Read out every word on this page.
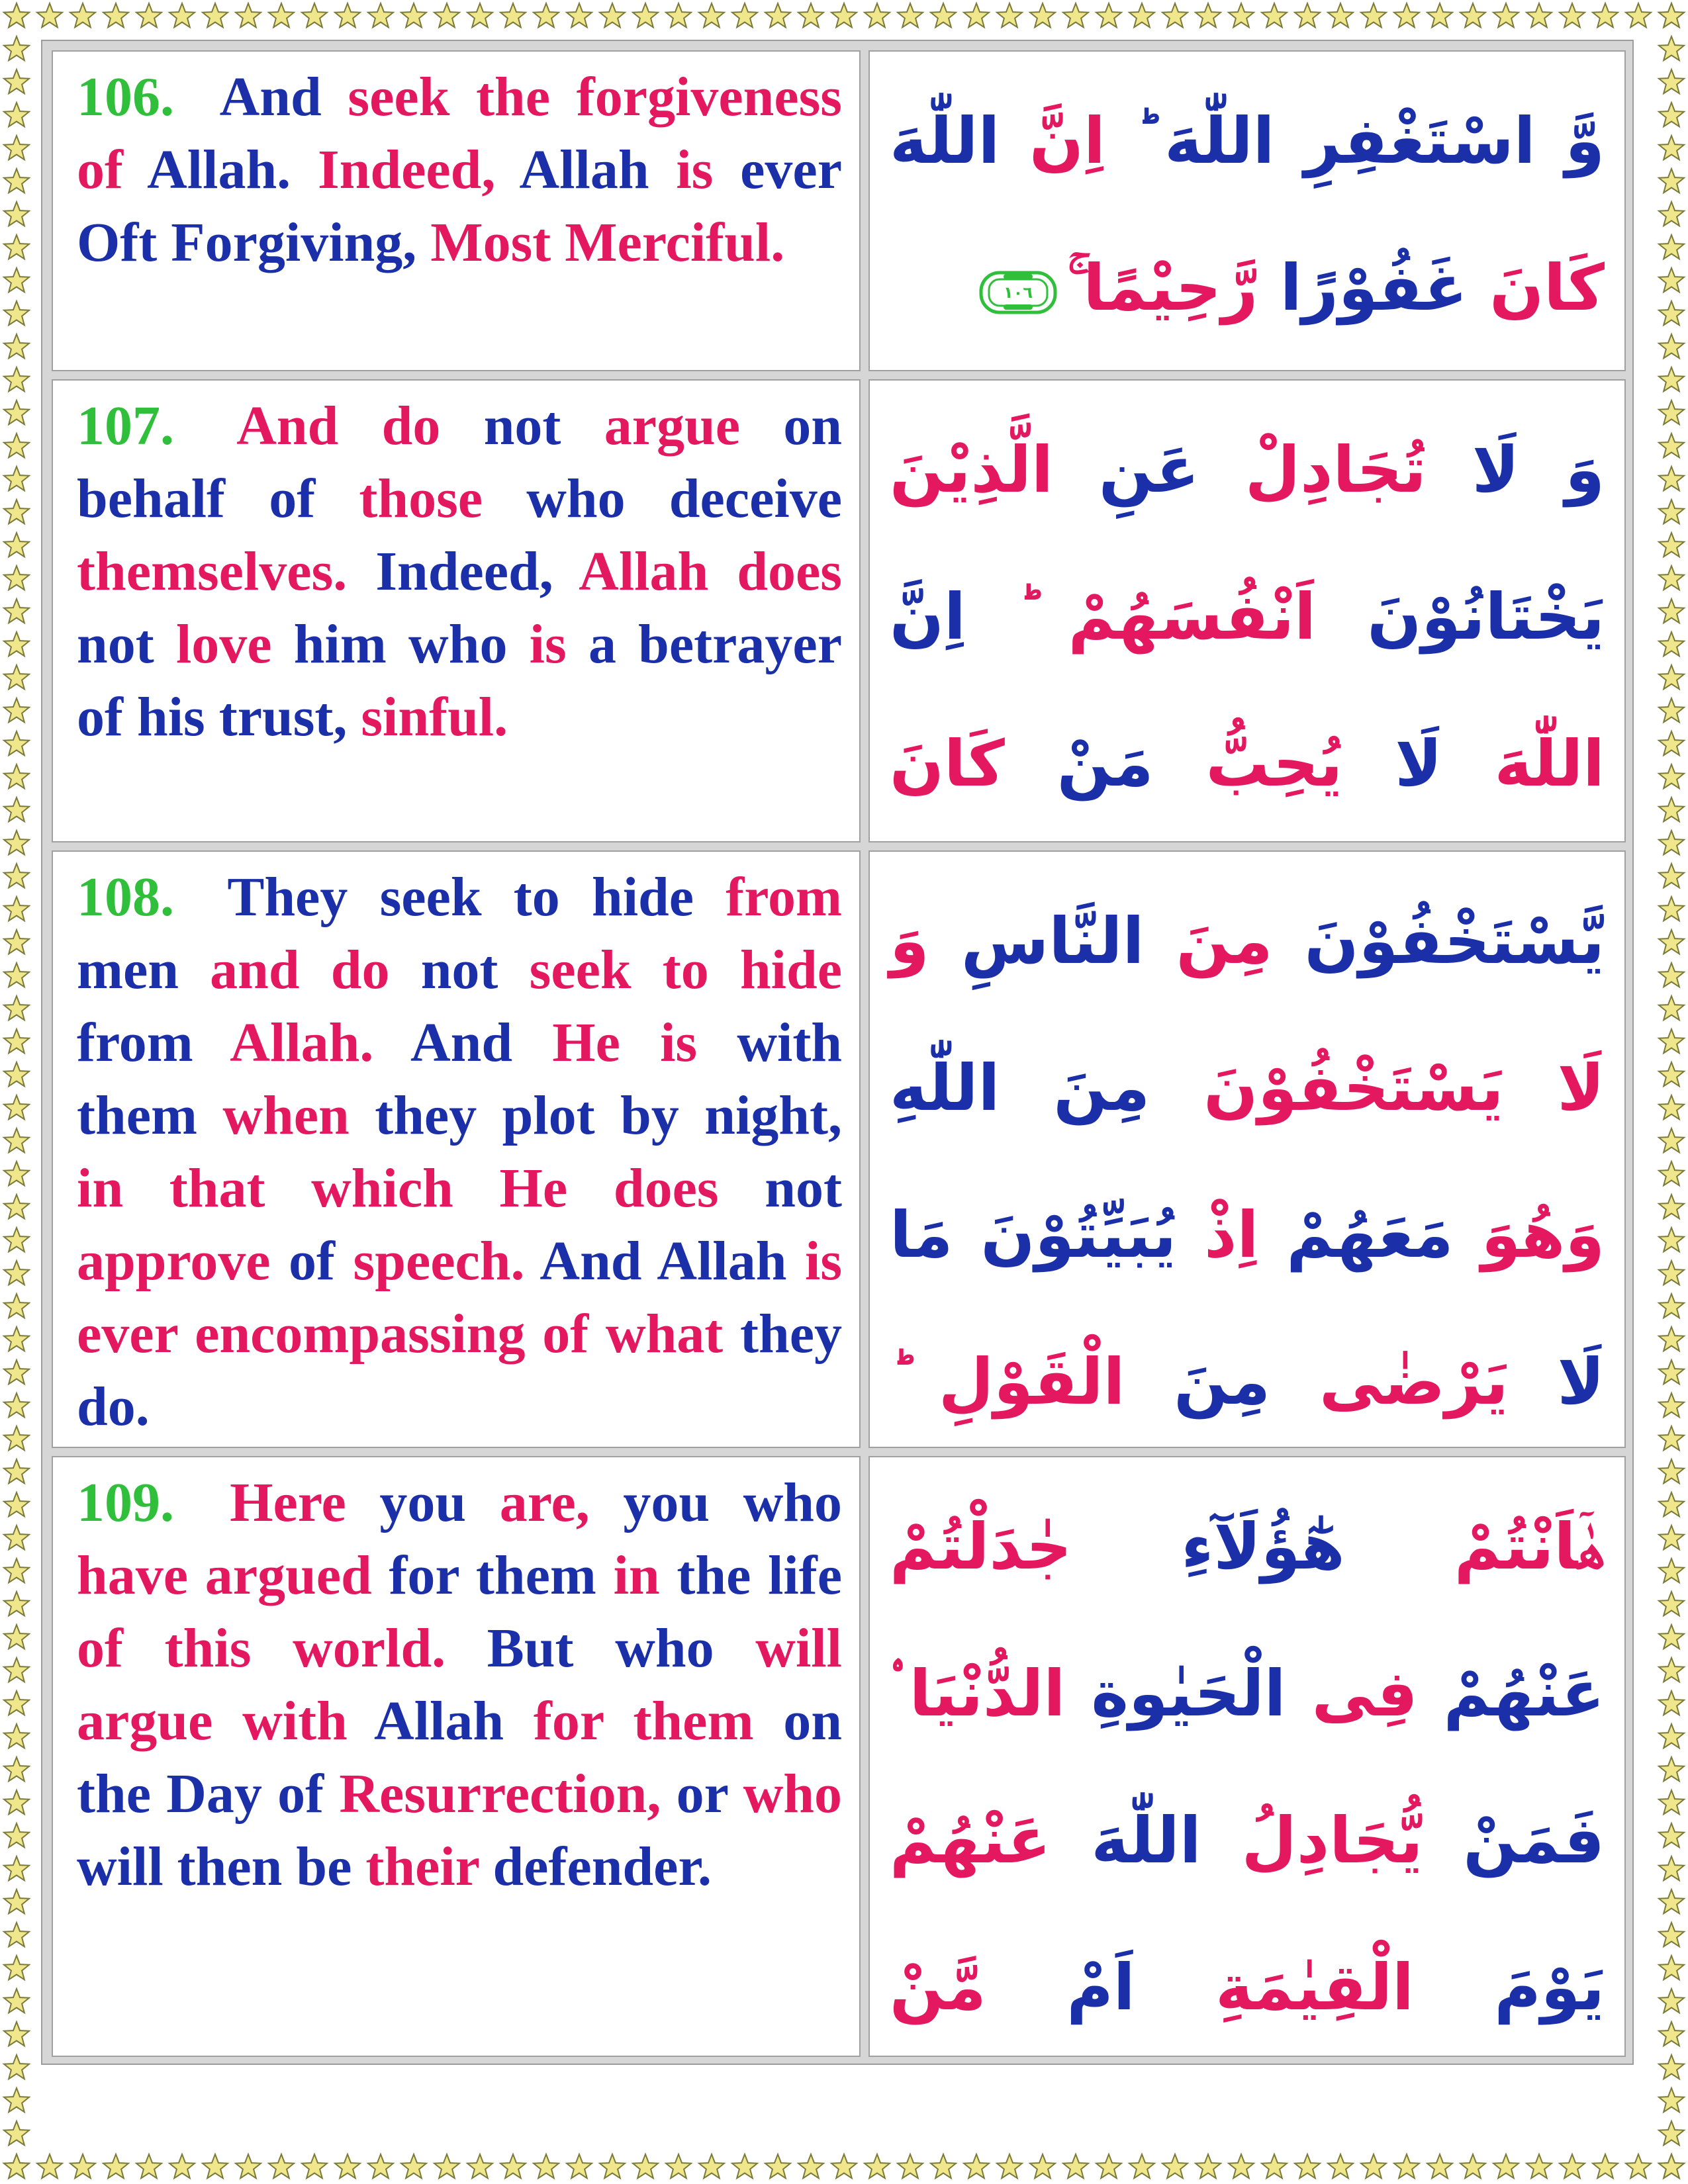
106. And seek the forgiveness of Allah. Indeed, Allah is ever Oft Forgiving, Most Merciful.
وَّ اسْتَغْفِرِ اللّٰهَ ؕ اِنَّ اللّٰهَ كَانَ غَفُوْرًا رَّحِيْمًا ۚ
١٠٦
107. And do not argue on behalf of those who deceive themselves. Indeed, Allah does not love him who is a betrayer of his trust, sinful.
وَ لَا تُجَادِلْ عَنِ الَّذِيْنَ يَخْتَانُوْنَ اَنْفُسَهُمْ ؕ اِنَّ اللّٰهَ لَا يُحِبُّ مَنْ كَانَ
108. They seek to hide from men and do not seek to hide from Allah. And He is with them when they plot by night, in that which He does not approve of speech. And Allah is ever encompassing of what they do.
يَّسْتَخْفُوْنَ مِنَ النَّاسِ وَ لَا يَسْتَخْفُوْنَ مِنَ اللّٰهِ وَهُوَ مَعَهُمْ اِذْ يُبَيِّتُوْنَ مَا لَا يَرْضٰى مِنَ الْقَوْلِ ؕ
109. Here you are, you who have argued for them in the life of this world. But who will argue with Allah for them on the Day of Resurrection, or who will then be their defender.
هٰۤاَنْتُمْ هٰٓؤُلَآءِ جٰدَلْتُمْ عَنْهُمْ فِى الْحَيٰوةِ الدُّنْيَا ۟ فَمَنْ يُّجَادِلُ اللّٰهَ عَنْهُمْ يَوْمَ الْقِيٰمَةِ اَمْ مَّنْ
